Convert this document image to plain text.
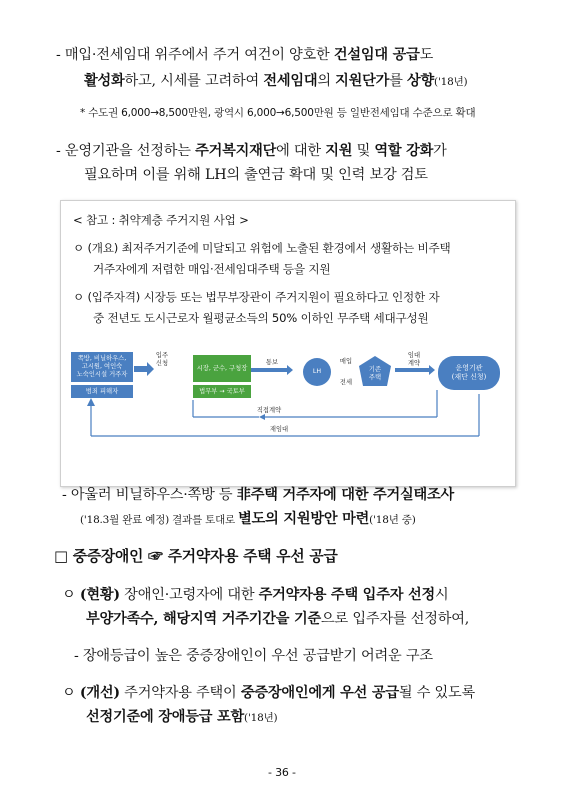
- 매입·전세임대 위주에서 주거 여건이 양호한 건설임대 공급도
활성화하고, 시세를 고려하여 전세임대의 지원단가를 상향('18년)
* 수도권 6,000→8,500만원, 광역시 6,000→6,500만원 등 일반전세임대 수준으로 확대
- 운영기관을 선정하는 주거복지재단에 대한 지원 및 역할 강화가
필요하며 이를 위해 LH의 출연금 확대 및 인력 보강 검토
< 참고 : 취약계층 주거지원 사업 >
ㅇ (개요) 최저주거기준에 미달되고 위험에 노출된 환경에서 생활하는 비주택
거주자에게 저렴한 매입·전세임대주택 등을 지원
ㅇ (입주자격) 시장등 또는 법무부장관이 주거지원이 필요하다고 인정한 자
중 전년도 도시근로자 월평균소득의 50% 이하인 무주택 세대구성원
쪽방, 비닐하우스,
고시원, 여인숙
노숙인시설 거주자
범죄 피해자
입주
신청
시장, 군수, 구청장
법무부 → 국토부
통보
LH
매입
전세
기존
주택
임대
계약
운영기관
(재단 신청)
직접계약
재임대
- 아울러 비닐하우스·쪽방 등 非주택 거주자에 대한 주거실태조사
('18.3월 완료 예정) 결과를 토대로 별도의 지원방안 마련('18년 중)
□ 중증장애인 ☞ 주거약자용 주택 우선 공급
ㅇ (현황) 장애인·고령자에 대한 주거약자용 주택 입주자 선정시
부양가족수, 해당지역 거주기간을 기준으로 입주자를 선정하여,
- 장애등급이 높은 중증장애인이 우선 공급받기 어려운 구조
ㅇ (개선) 주거약자용 주택이 중증장애인에게 우선 공급될 수 있도록
선정기준에 장애등급 포함('18년)
- 36 -
